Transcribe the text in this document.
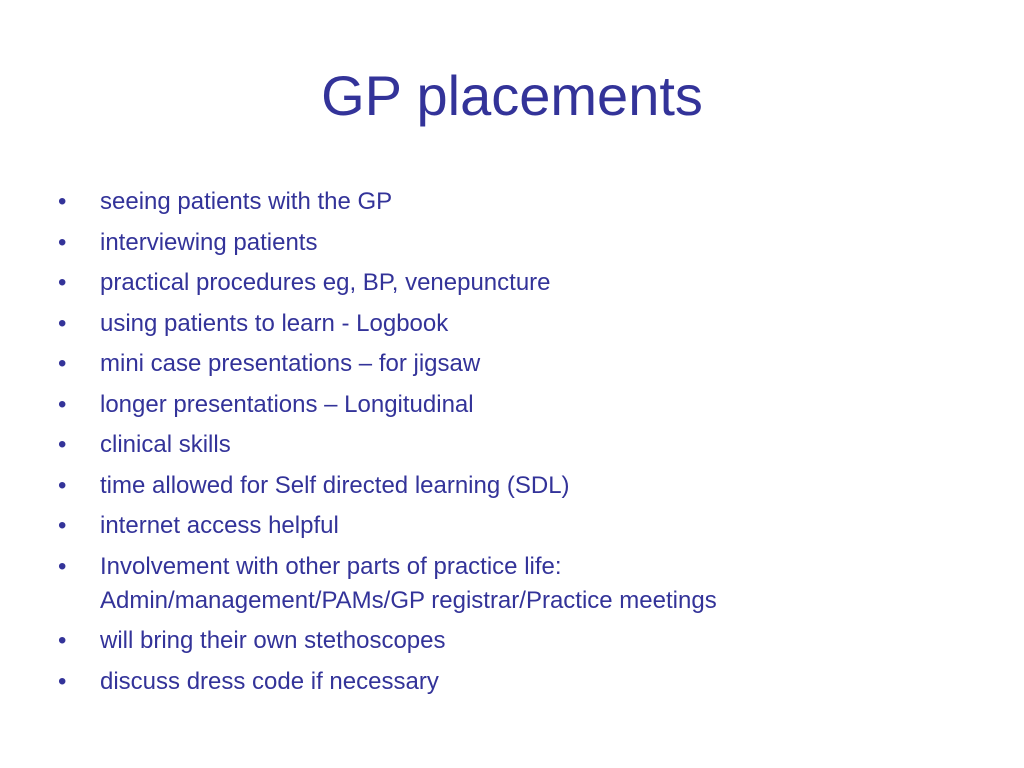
GP placements
•	seeing patients with the GP
•	interviewing patients
•	practical procedures eg, BP, venepuncture
•	using patients to learn - Logbook
•	mini case presentations – for jigsaw
•	longer presentations – Longitudinal
•	clinical skills
•	time allowed for Self directed learning (SDL)
•	internet access helpful
•	Involvement with other parts of practice life:
Admin/management/PAMs/GP registrar/Practice meetings
•	will bring their own stethoscopes
•	discuss dress code if necessary
